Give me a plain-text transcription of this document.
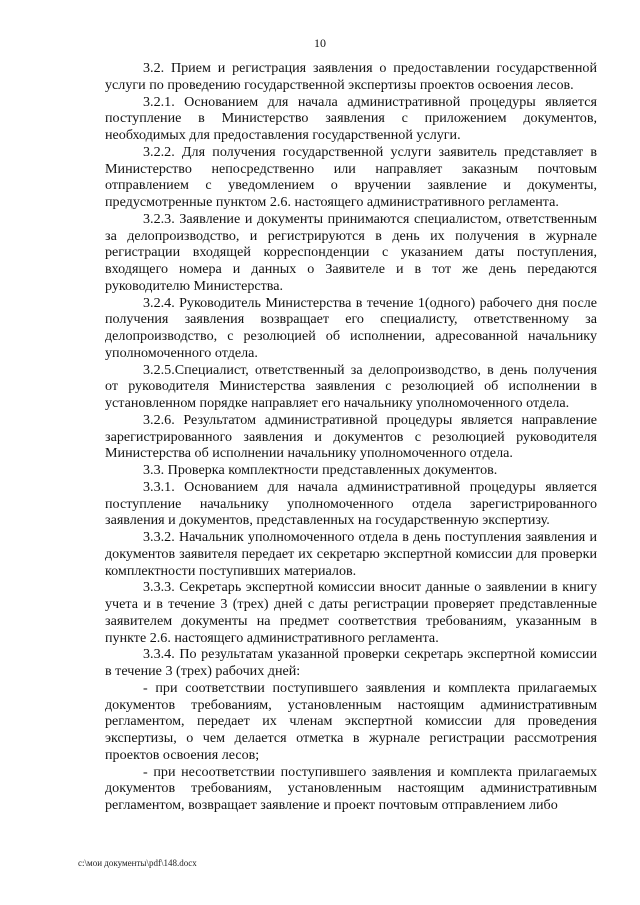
10

3.2. Прием и регистрация заявления о предоставлении государственной услуги по проведению государственной экспертизы проектов освоения лесов.

3.2.1. Основанием для начала административной процедуры является поступление в Министерство заявления с приложением документов, необходимых для предоставления государственной услуги.

3.2.2. Для получения государственной услуги заявитель представляет в Министерство непосредственно или направляет заказным почтовым отправлением с уведомлением о вручении заявление и документы, предусмотренные пунктом 2.6. настоящего административного регламента.

3.2.3. Заявление и документы принимаются специалистом, ответственным за делопроизводство, и регистрируются в день их получения в журнале регистрации входящей корреспонденции с указанием даты поступления, входящего номера и данных о Заявителе и в тот же день передаются руководителю Министерства.

3.2.4. Руководитель Министерства в течение 1(одного) рабочего дня после получения заявления возвращает его специалисту, ответственному за делопроизводство, с резолюцией об исполнении, адресованной начальнику уполномоченного отдела.

3.2.5.Специалист, ответственный за делопроизводство, в день получения от руководителя Министерства заявления с резолюцией об исполнении в установленном порядке направляет его начальнику уполномоченного отдела.

3.2.6. Результатом административной процедуры является направление зарегистрированного заявления и документов с резолюцией руководителя Министерства об исполнении начальнику уполномоченного отдела.

3.3. Проверка комплектности представленных документов.

3.3.1. Основанием для начала административной процедуры является поступление начальнику уполномоченного отдела зарегистрированного заявления и документов, представленных на государственную экспертизу.

3.3.2. Начальник уполномоченного отдела в день поступления заявления и документов заявителя передает их секретарю экспертной комиссии для проверки комплектности поступивших материалов.

3.3.3. Секретарь экспертной комиссии вносит данные о заявлении в книгу учета и в течение 3 (трех) дней с даты регистрации проверяет представленные заявителем документы на предмет соответствия требованиям, указанным в пункте 2.6. настоящего административного регламента.

3.3.4. По результатам указанной проверки секретарь экспертной комиссии в течение 3 (трех) рабочих дней:

- при соответствии поступившего заявления и комплекта прилагаемых документов требованиям, установленным настоящим административным регламентом, передает их членам экспертной комиссии для проведения экспертизы, о чем делается отметка в журнале регистрации рассмотрения проектов освоения лесов;

- при несоответствии поступившего заявления и комплекта прилагаемых документов требованиям, установленным настоящим административным регламентом, возвращает заявление и проект почтовым отправлением либо

c:\мои документы\pdf\148.docx
